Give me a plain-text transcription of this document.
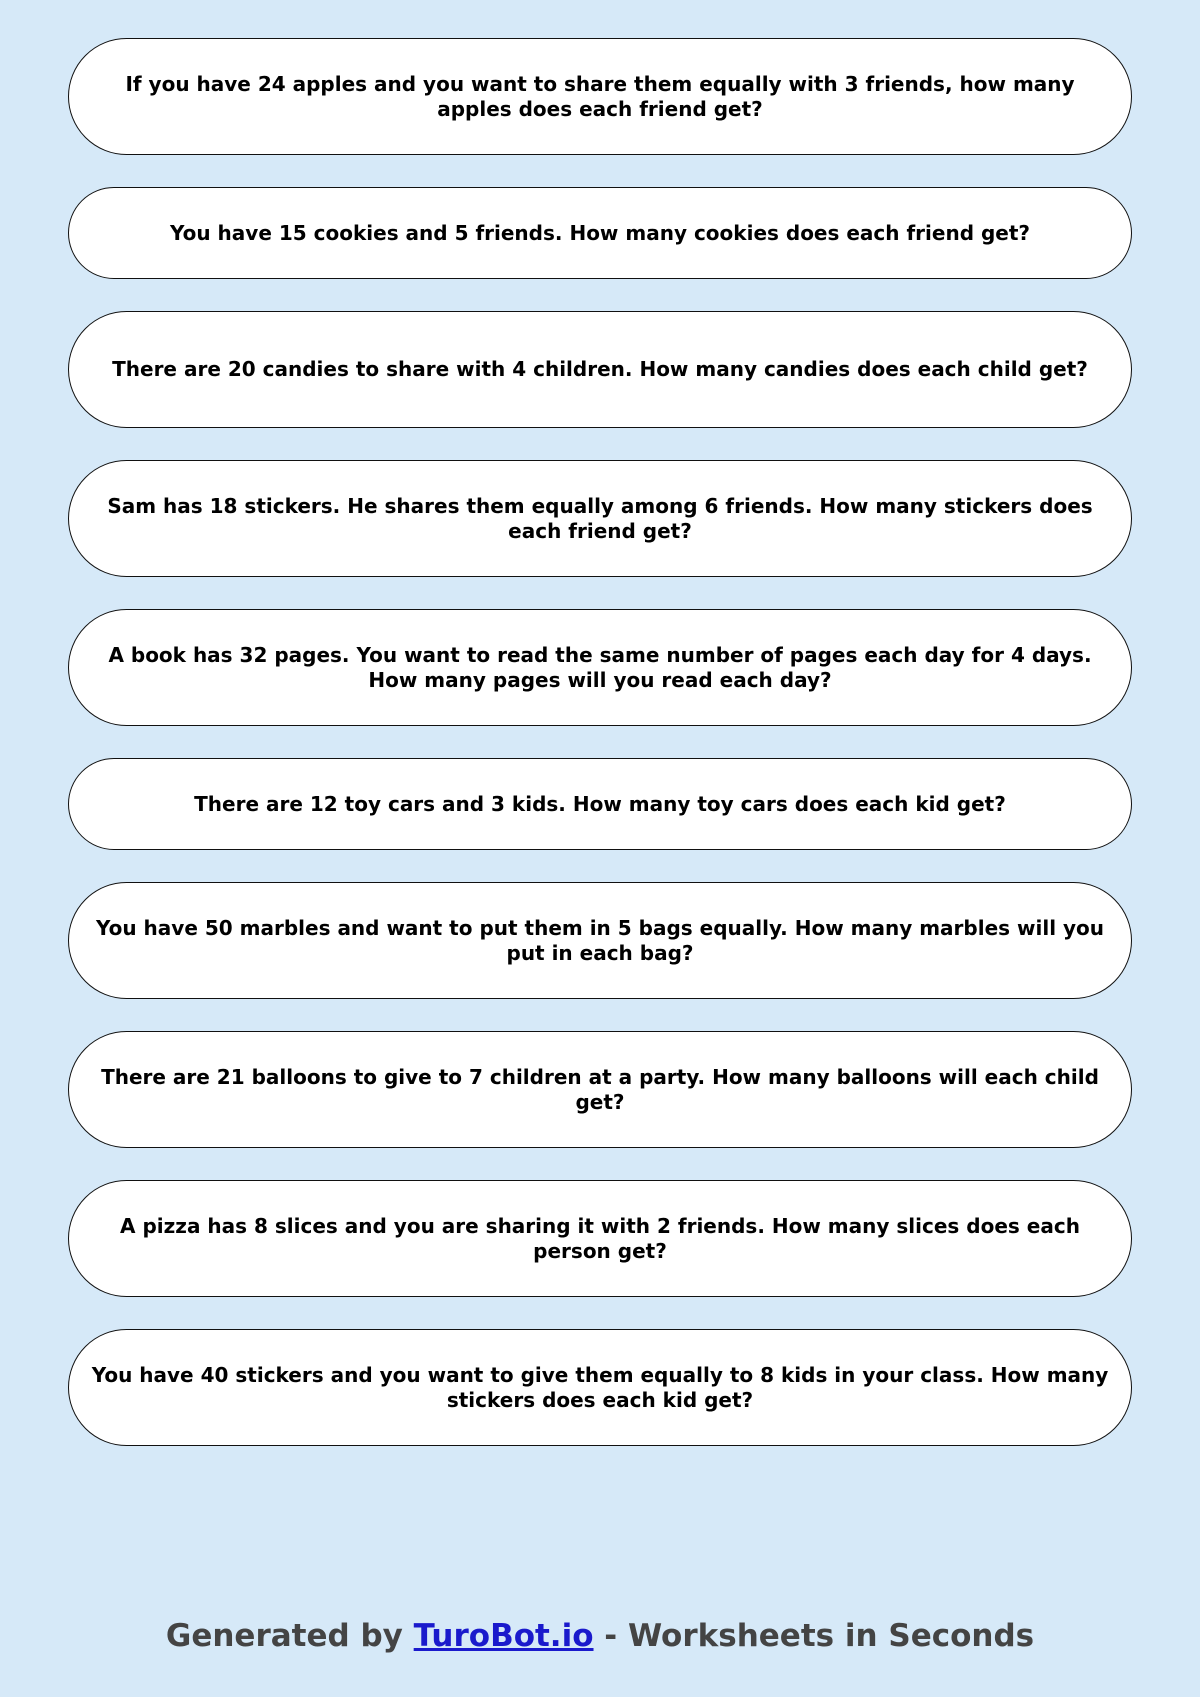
If you have 24 apples and you want to share them equally with 3 friends, how many apples does each friend get?
You have 15 cookies and 5 friends. How many cookies does each friend get?
There are 20 candies to share with 4 children. How many candies does each child get?
Sam has 18 stickers. He shares them equally among 6 friends. How many stickers does each friend get?
A book has 32 pages. You want to read the same number of pages each day for 4 days. How many pages will you read each day?
There are 12 toy cars and 3 kids. How many toy cars does each kid get?
You have 50 marbles and want to put them in 5 bags equally. How many marbles will you put in each bag?
There are 21 balloons to give to 7 children at a party. How many balloons will each child get?
A pizza has 8 slices and you are sharing it with 2 friends. How many slices does each person get?
You have 40 stickers and you want to give them equally to 8 kids in your class. How many stickers does each kid get?
Generated by TuroBot.io - Worksheets in Seconds
